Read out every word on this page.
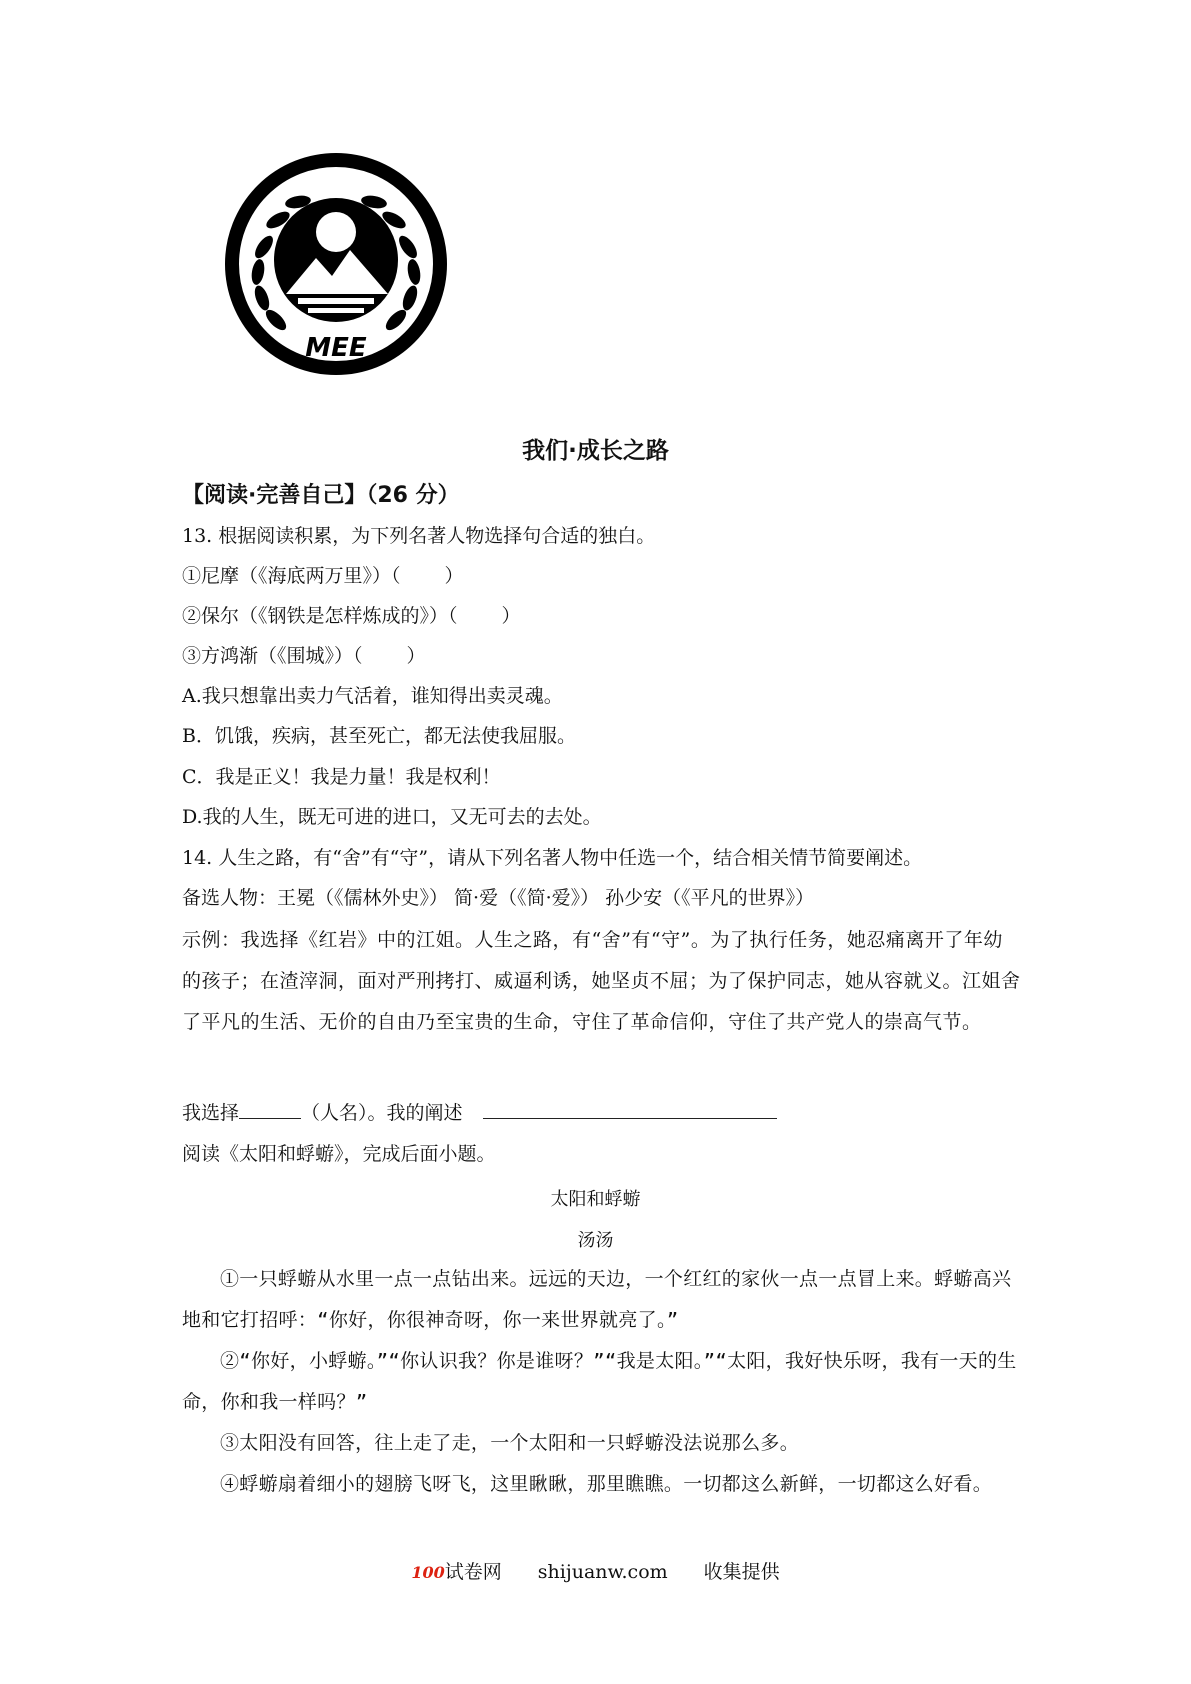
MEE
我们·成长之路
【阅读·完善自己】（26 分）
13. 根据阅读积累，为下列名著人物选择句合适的独白。
①尼摩（《海底两万里》）（ ）
②保尔（《钢铁是怎样炼成的》）（ ）
③方鸿渐（《围城》）（ ）
A.我只想靠出卖力气活着，谁知得出卖灵魂。
B．饥饿，疾病，甚至死亡，都无法使我屈服。
C．我是正义！我是力量！我是权利！
D.我的人生，既无可进的进口，又无可去的去处。
14. 人生之路，有“舍”有“守”，请从下列名著人物中任选一个，结合相关情节简要阐述。
备选人物：王冕（《儒林外史》） 简·爱（《简·爱》） 孙少安（《平凡的世界》）
示例：我选择《红岩》中的江姐。人生之路，有“舍”有“守”。为了执行任务，她忍痛离开了年幼的孩子；在渣滓洞，面对严刑拷打、威逼利诱，她坚贞不屈；为了保护同志，她从容就义。江姐舍了平凡的生活、无价的自由乃至宝贵的生命，守住了革命信仰，守住了共产党人的崇高气节。
我选择	（人名）。我的阐述
阅读《太阳和蜉蝣》，完成后面小题。
太阳和蜉蝣
汤汤
①一只蜉蝣从水里一点一点钻出来。远远的天边，一个红红的家伙一点一点冒上来。蜉蝣高兴地和它打招呼：“你好，你很神奇呀，你一来世界就亮了。”
②“你好，小蜉蝣。”“你认识我？你是谁呀？”“我是太阳。”“太阳，我好快乐呀，我有一天的生命，你和我一样吗？”
③太阳没有回答，往上走了走，一个太阳和一只蜉蝣没法说那么多。
④蜉蝣扇着细小的翅膀飞呀飞，这里瞅瞅，那里瞧瞧。一切都这么新鲜，一切都这么好看。
100试卷网 shijuanw.com 收集提供
